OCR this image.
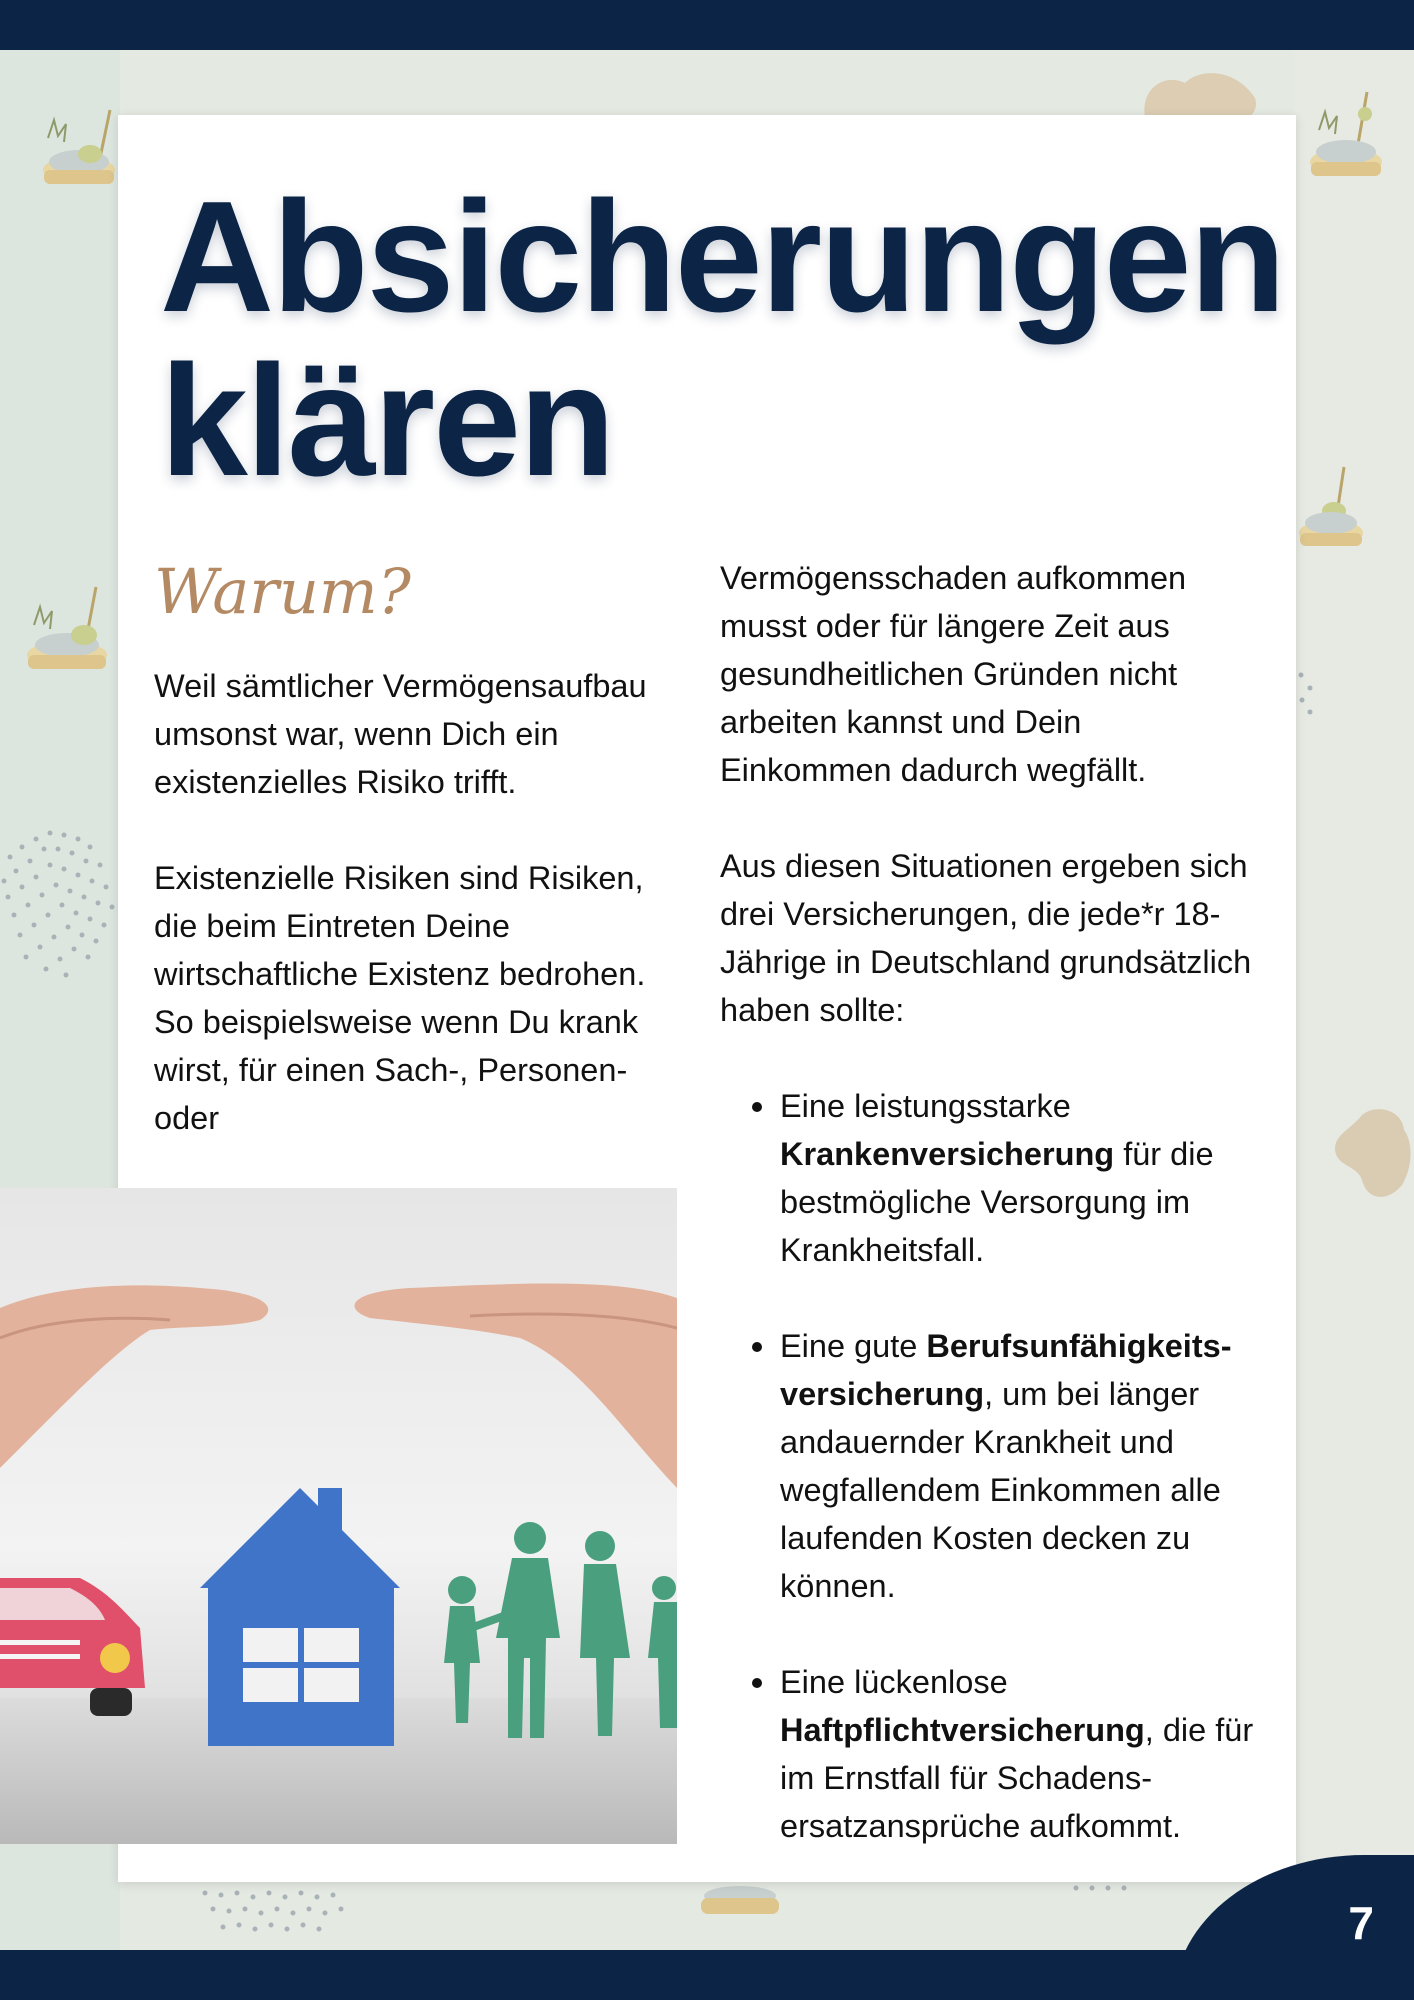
Absicherungen
klären
Warum?

Weil sämtlicher Vermögensaufbau umsonst war, wenn Dich ein existenzielles Risiko trifft.

Existenzielle Risiken sind Risiken, die beim Eintreten Deine wirtschaftliche Existenz bedrohen. So beispielsweise wenn Du krank wirst, für einen Sach-, Personen- oder

Vermögensschaden aufkommen musst oder für längere Zeit aus gesundheitlichen Gründen nicht arbeiten kannst und Dein Einkommen dadurch wegfällt.

Aus diesen Situationen ergeben sich drei Versicherungen, die jede*r 18-Jährige in Deutschland grundsätzlich haben sollte:

Eine leistungsstarke Krankenversicherung für die bestmögliche Versorgung im Krankheitsfall.
Eine gute Berufsunfähigkeits-versicherung, um bei länger andauernder Krankheit und wegfallendem Einkommen alle laufenden Kosten decken zu können.
Eine lückenlose Haftpflichtversicherung, die für im Ernstfall für Schadens-ersatzansprüche aufkommt.
7
